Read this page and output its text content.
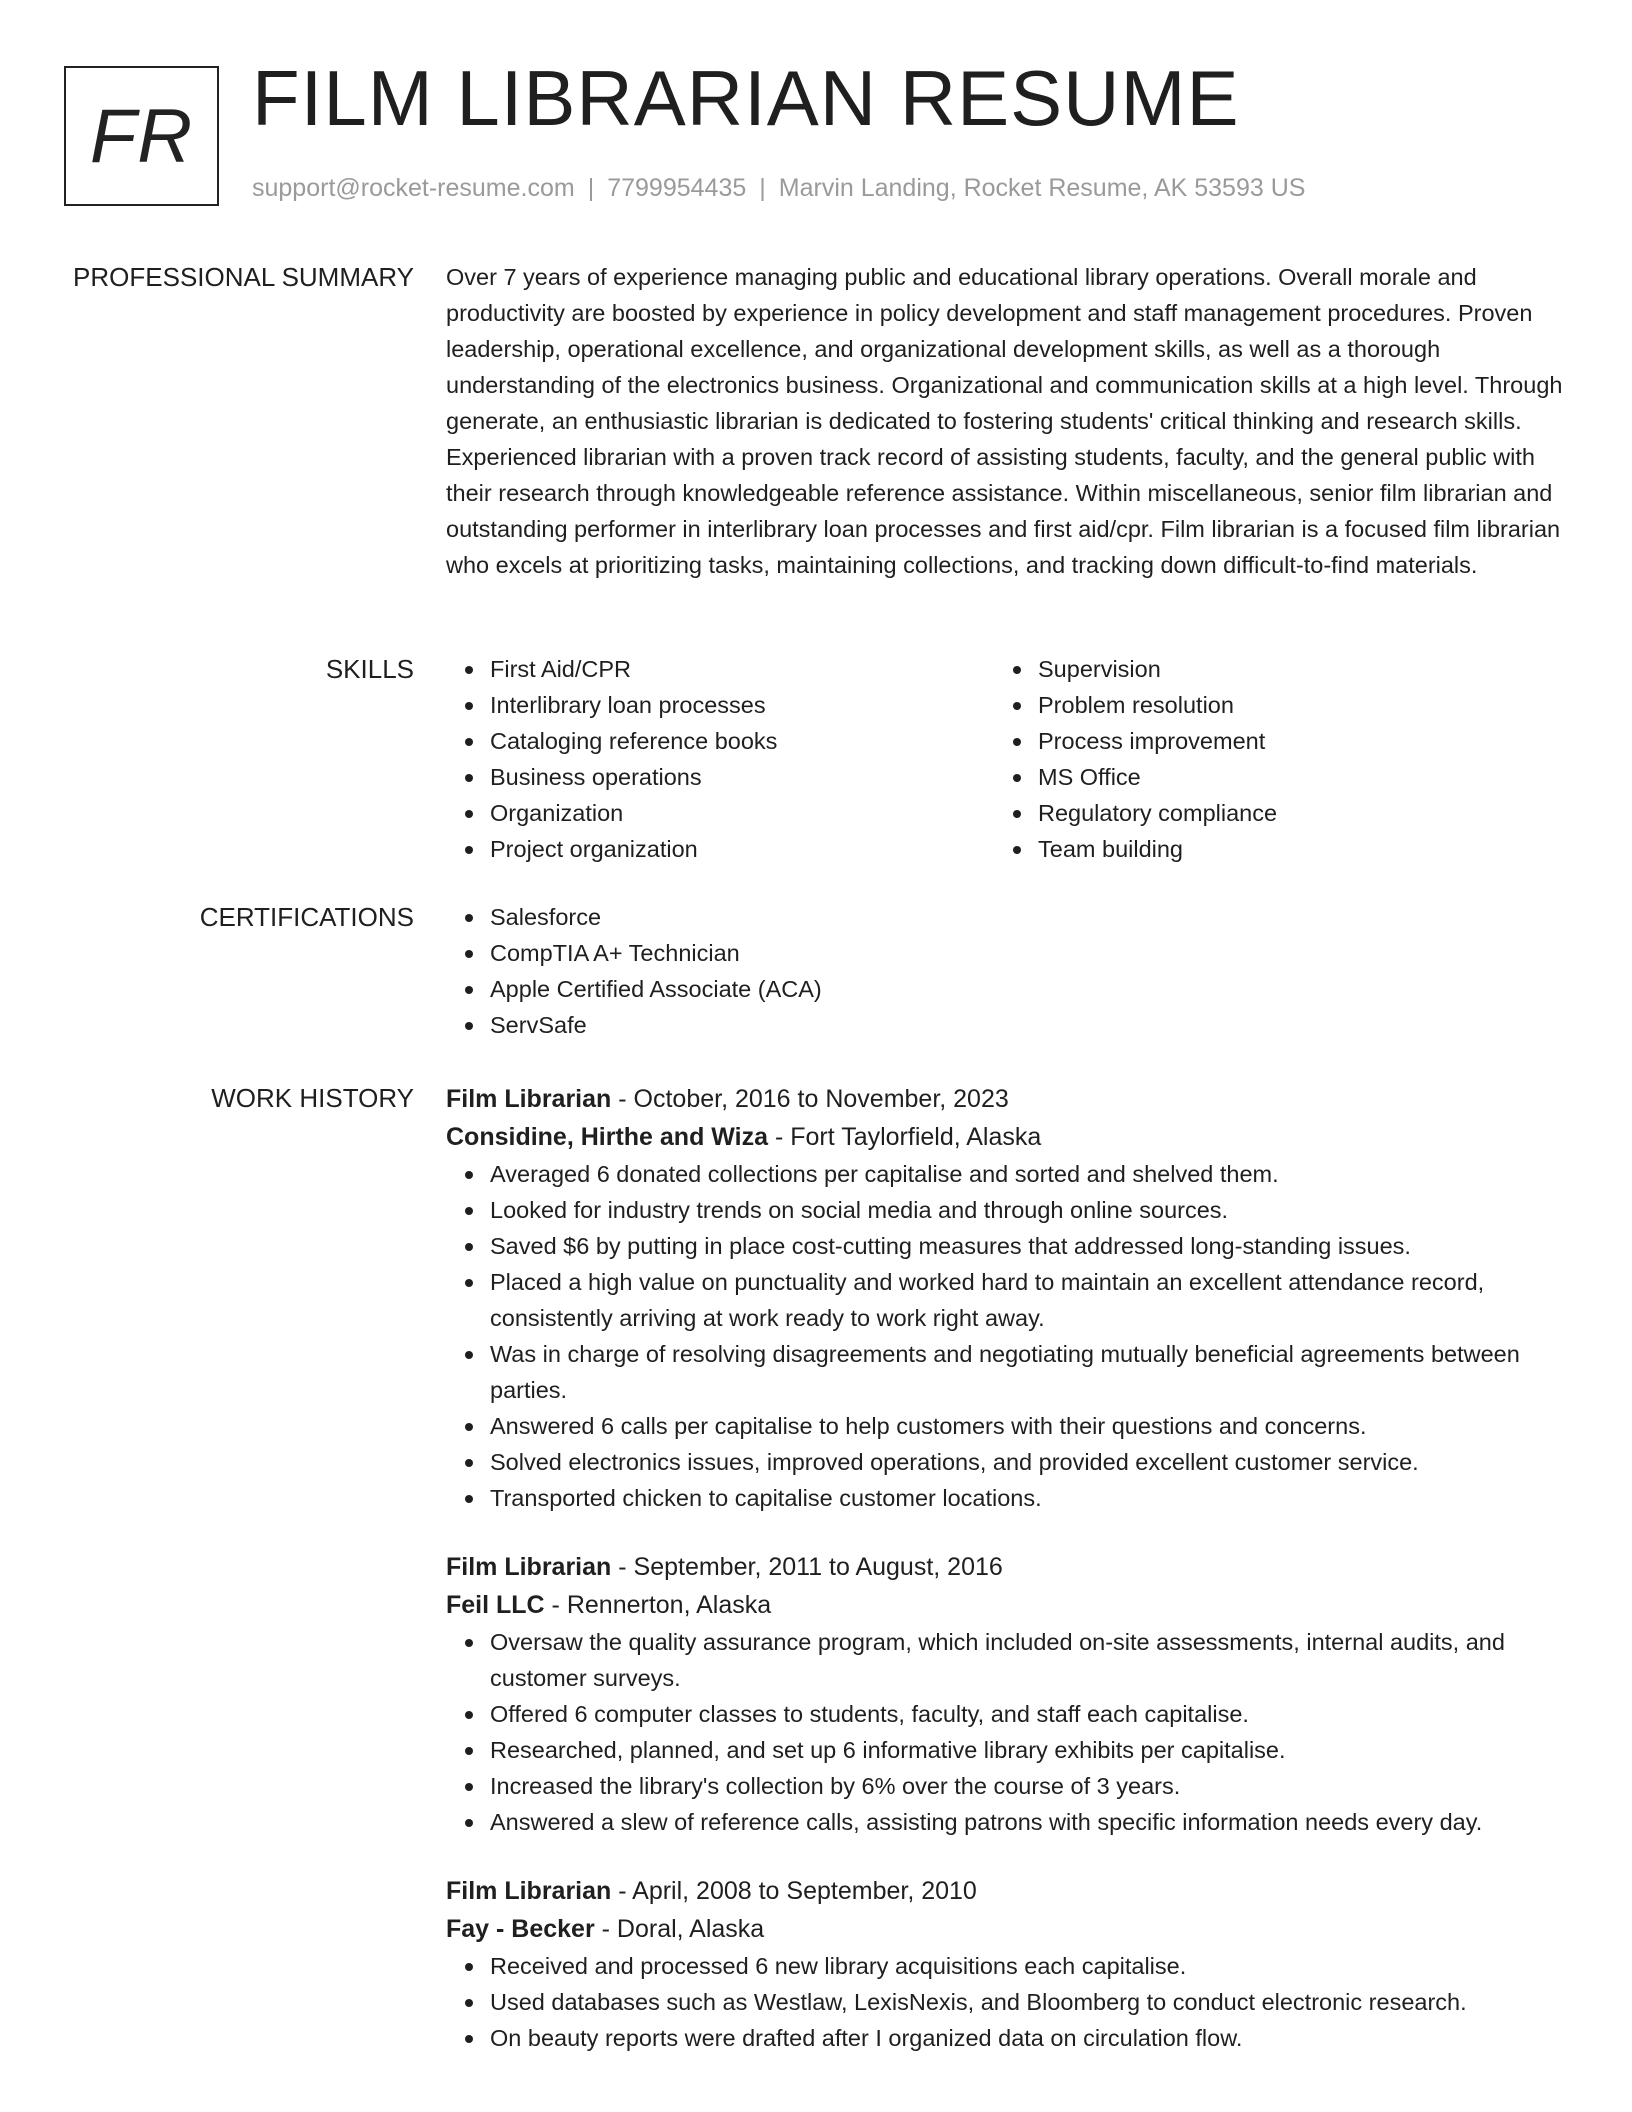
FR FILM LIBRARIAN RESUME
support@rocket-resume.com | 7799954435 | Marvin Landing, Rocket Resume, AK 53593 US
PROFESSIONAL SUMMARY Over 7 years of experience managing public and educational library operations. Overall morale and productivity are boosted by experience in policy development and staff management procedures. Proven leadership, operational excellence, and organizational development skills, as well as a thorough understanding of the electronics business. Organizational and communication skills at a high level. Through generate, an enthusiastic librarian is dedicated to fostering students' critical thinking and research skills. Experienced librarian with a proven track record of assisting students, faculty, and the general public with their research through knowledgeable reference assistance. Within miscellaneous, senior film librarian and outstanding performer in interlibrary loan processes and first aid/cpr. Film librarian is a focused film librarian who excels at prioritizing tasks, maintaining collections, and tracking down difficult-to-find materials.

SKILLS	First Aid/CPR
Interlibrary loan processes
Cataloging reference books
Business operations
Organization
Project organization
Supervision
Problem resolution
Process improvement
MS Office
Regulatory compliance
Team building
CERTIFICATIONS	Salesforce
CompTIA A+ Technician
Apple Certified Associate (ACA)
ServSafe
WORK HISTORY Film Librarian - October, 2016 to November, 2023
Considine, Hirthe and Wiza - Fort Taylorfield, Alaska
Averaged 6 donated collections per capitalise and sorted and shelved them.
Looked for industry trends on social media and through online sources.
Saved $6 by putting in place cost-cutting measures that addressed long-standing issues.
Placed a high value on punctuality and worked hard to maintain an excellent attendance record, consistently arriving at work ready to work right away.
Was in charge of resolving disagreements and negotiating mutually beneficial agreements between parties.
Answered 6 calls per capitalise to help customers with their questions and concerns.
Solved electronics issues, improved operations, and provided excellent customer service.
Transported chicken to capitalise customer locations.
Film Librarian - September, 2011 to August, 2016
Feil LLC - Rennerton, Alaska
Oversaw the quality assurance program, which included on-site assessments, internal audits, and customer surveys.
Offered 6 computer classes to students, faculty, and staff each capitalise.
Researched, planned, and set up 6 informative library exhibits per capitalise.
Increased the library's collection by 6% over the course of 3 years.
Answered a slew of reference calls, assisting patrons with specific information needs every day.
Film Librarian - April, 2008 to September, 2010
Fay - Becker - Doral, Alaska
Received and processed 6 new library acquisitions each capitalise.
Used databases such as Westlaw, LexisNexis, and Bloomberg to conduct electronic research.
On beauty reports were drafted after I organized data on circulation flow.
